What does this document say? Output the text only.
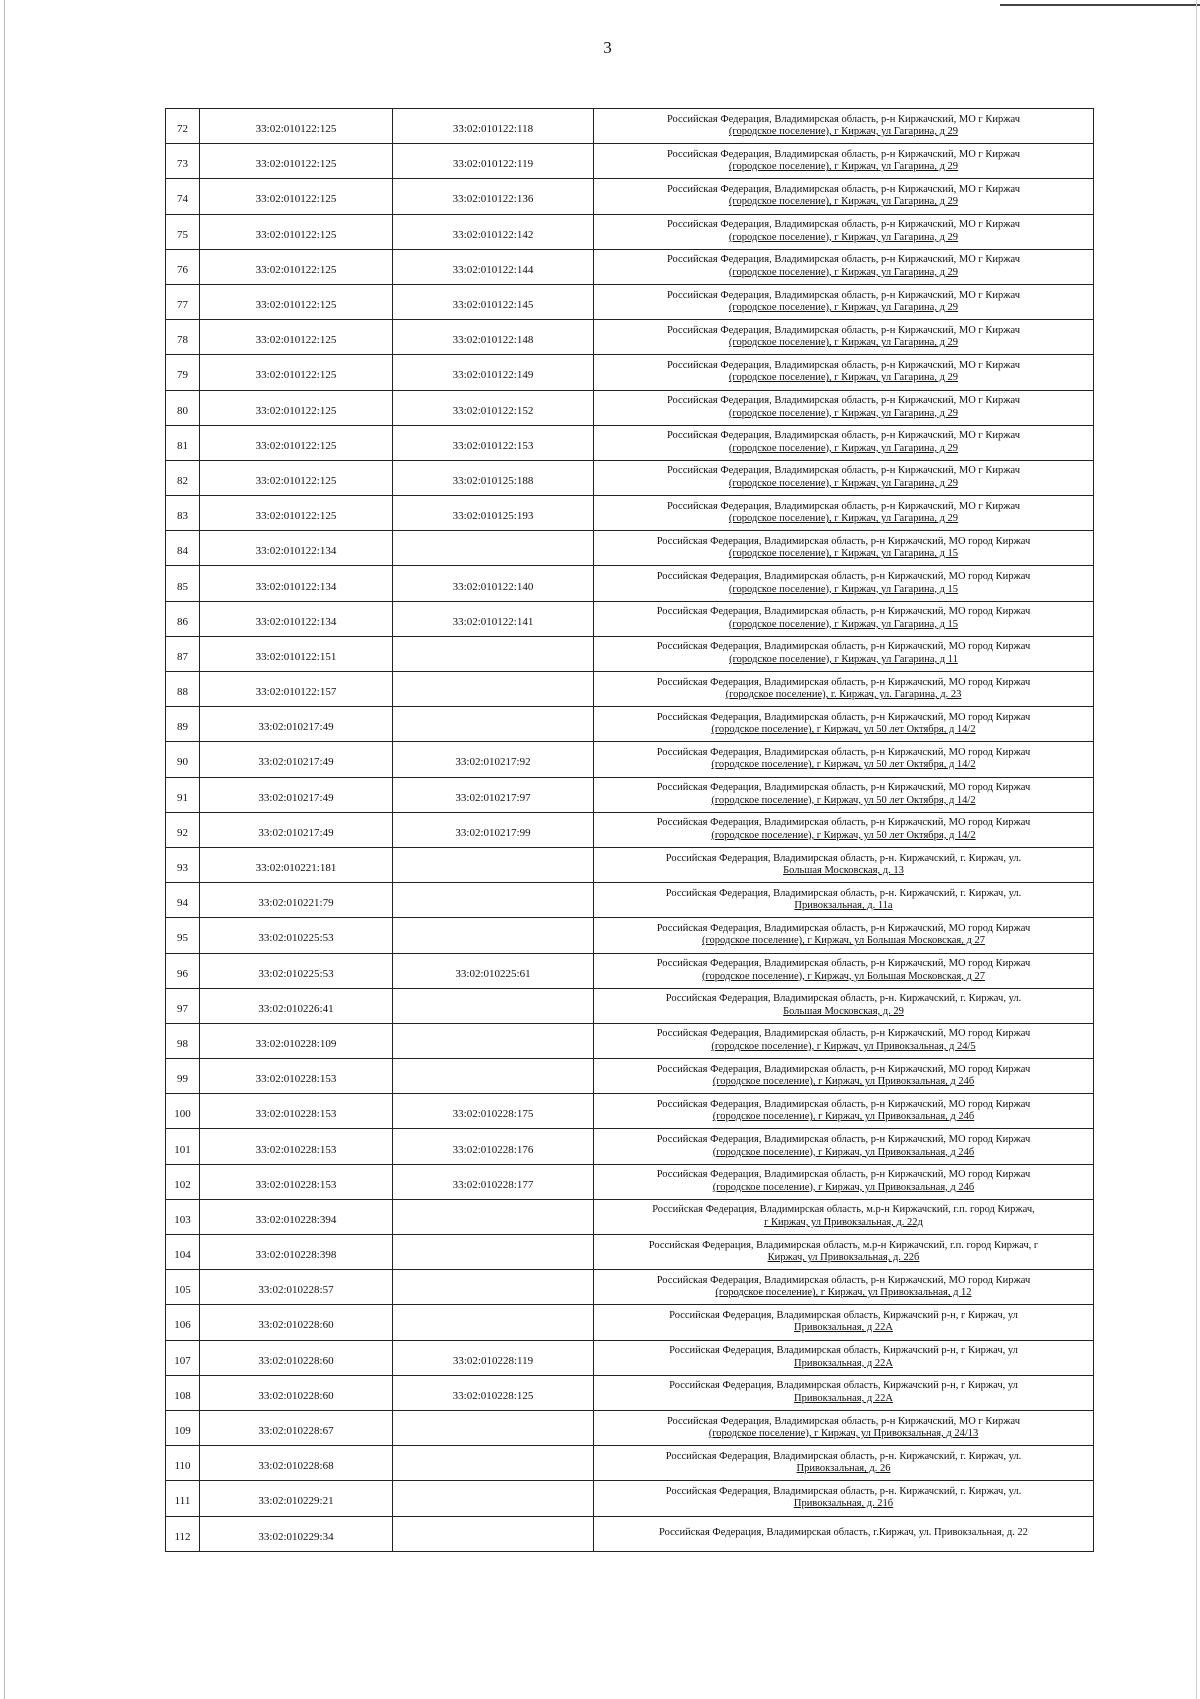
3
72	33:02:010122:125	33:02:010122:118	Российская Федерация, Владимирская область, р-н Киржачский, МО г Киржач
(городское поселение), г Киржач, ул Гагарина, д 29

73	33:02:010122:125	33:02:010122:119	Российская Федерация, Владимирская область, р-н Киржачский, МО г Киржач
(городское поселение), г Киржач, ул Гагарина, д 29

74	33:02:010122:125	33:02:010122:136	Российская Федерация, Владимирская область, р-н Киржачский, МО г Киржач
(городское поселение), г Киржач, ул Гагарина, д 29

75	33:02:010122:125	33:02:010122:142	Российская Федерация, Владимирская область, р-н Киржачский, МО г Киржач
(городское поселение), г Киржач, ул Гагарина, д 29

76	33:02:010122:125	33:02:010122:144	Российская Федерация, Владимирская область, р-н Киржачский, МО г Киржач
(городское поселение), г Киржач, ул Гагарина, д 29

77	33:02:010122:125	33:02:010122:145	Российская Федерация, Владимирская область, р-н Киржачский, МО г Киржач
(городское поселение), г Киржач, ул Гагарина, д 29

78	33:02:010122:125	33:02:010122:148	Российская Федерация, Владимирская область, р-н Киржачский, МО г Киржач
(городское поселение), г Киржач, ул Гагарина, д 29

79	33:02:010122:125	33:02:010122:149	Российская Федерация, Владимирская область, р-н Киржачский, МО г Киржач
(городское поселение), г Киржач, ул Гагарина, д 29

80	33:02:010122:125	33:02:010122:152	Российская Федерация, Владимирская область, р-н Киржачский, МО г Киржач
(городское поселение), г Киржач, ул Гагарина, д 29

81	33:02:010122:125	33:02:010122:153	Российская Федерация, Владимирская область, р-н Киржачский, МО г Киржач
(городское поселение), г Киржач, ул Гагарина, д 29

82	33:02:010122:125	33:02:010125:188	Российская Федерация, Владимирская область, р-н Киржачский, МО г Киржач
(городское поселение), г Киржач, ул Гагарина, д 29

83	33:02:010122:125	33:02:010125:193	Российская Федерация, Владимирская область, р-н Киржачский, МО г Киржач
(городское поселение), г Киржач, ул Гагарина, д 29

84	33:02:010122:134		Российская Федерация, Владимирская область, р-н Киржачский, МО город Киржач
(городское поселение), г Киржач, ул Гагарина, д 15

85	33:02:010122:134	33:02:010122:140	Российская Федерация, Владимирская область, р-н Киржачский, МО город Киржач
(городское поселение), г Киржач, ул Гагарина, д 15

86	33:02:010122:134	33:02:010122:141	Российская Федерация, Владимирская область, р-н Киржачский, МО город Киржач
(городское поселение), г Киржач, ул Гагарина, д 15

87	33:02:010122:151		Российская Федерация, Владимирская область, р-н Киржачский, МО город Киржач
(городское поселение), г Киржач, ул Гагарина, д 11

88	33:02:010122:157		Российская Федерация, Владимирская область, р-н Киржачский, МО город Киржач
(городское поселение), г. Киржач, ул. Гагарина, д. 23

89	33:02:010217:49		Российская Федерация, Владимирская область, р-н Киржачский, МО город Киржач
(городское поселение), г Киржач, ул 50 лет Октября, д 14/2

90	33:02:010217:49	33:02:010217:92	Российская Федерация, Владимирская область, р-н Киржачский, МО город Киржач
(городское поселение), г Киржач, ул 50 лет Октября, д 14/2

91	33:02:010217:49	33:02:010217:97	Российская Федерация, Владимирская область, р-н Киржачский, МО город Киржач
(городское поселение), г Киржач, ул 50 лет Октября, д 14/2

92	33:02:010217:49	33:02:010217:99	Российская Федерация, Владимирская область, р-н Киржачский, МО город Киржач
(городское поселение), г Киржач, ул 50 лет Октября, д 14/2

93	33:02:010221:181		Российская Федерация, Владимирская область, р-н. Киржачский, г. Киржач, ул.
Большая Московская, д. 13

94	33:02:010221:79		Российская Федерация, Владимирская область, р-н. Киржачский, г. Киржач, ул.
Привокзальная, д. 11а

95	33:02:010225:53		Российская Федерация, Владимирская область, р-н Киржачский, МО город Киржач
(городское поселение), г Киржач, ул Большая Московская, д 27

96	33:02:010225:53	33:02:010225:61	Российская Федерация, Владимирская область, р-н Киржачский, МО город Киржач
(городское поселение), г Киржач, ул Большая Московская, д 27

97	33:02:010226:41		Российская Федерация, Владимирская область, р-н. Киржачский, г. Киржач, ул.
Большая Московская, д. 29

98	33:02:010228:109		Российская Федерация, Владимирская область, р-н Киржачский, МО город Киржач
(городское поселение), г Киржач, ул Привокзальная, д 24/5

99	33:02:010228:153		Российская Федерация, Владимирская область, р-н Киржачский, МО город Киржач
(городское поселение), г Киржач, ул Привокзальная, д 24б

100	33:02:010228:153	33:02:010228:175	Российская Федерация, Владимирская область, р-н Киржачский, МО город Киржач
(городское поселение), г Киржач, ул Привокзальная, д 24б

101	33:02:010228:153	33:02:010228:176	Российская Федерация, Владимирская область, р-н Киржачский, МО город Киржач
(городское поселение), г Киржач, ул Привокзальная, д 24б

102	33:02:010228:153	33:02:010228:177	Российская Федерация, Владимирская область, р-н Киржачский, МО город Киржач
(городское поселение), г Киржач, ул Привокзальная, д 24б

103	33:02:010228:394		Российская Федерация, Владимирская область, м.р-н Киржачский, г.п. город Киржач,
г Киржач, ул Привокзальная, д. 22д

104	33:02:010228:398		Российская Федерация, Владимирская область, м.р-н Киржачский, г.п. город Киржач, г
Киржач, ул Привокзальная, д. 22б

105	33:02:010228:57		Российская Федерация, Владимирская область, р-н Киржачский, МО город Киржач
(городское поселение), г Киржач, ул Привокзальная, д 12

106	33:02:010228:60		Российская Федерация, Владимирская область, Киржачский р-н, г Киржач, ул
Привокзальная, д 22А

107	33:02:010228:60	33:02:010228:119	Российская Федерация, Владимирская область, Киржачский р-н, г Киржач, ул
Привокзальная, д 22А

108	33:02:010228:60	33:02:010228:125	Российская Федерация, Владимирская область, Киржачский р-н, г Киржач, ул
Привокзальная, д 22А

109	33:02:010228:67		Российская Федерация, Владимирская область, р-н Киржачский, МО г Киржач
(городское поселение), г Киржач, ул Привокзальная, д 24/13

110	33:02:010228:68		Российская Федерация, Владимирская область, р-н. Киржачский, г. Киржач, ул.
Привокзальная, д. 26

111	33:02:010229:21		Российская Федерация, Владимирская область, р-н. Киржачский, г. Киржач, ул.
Привокзальная, д. 21б

112	33:02:010229:34		Российская Федерация, Владимирская область, г.Киржач, ул. Привокзальная, д. 22
